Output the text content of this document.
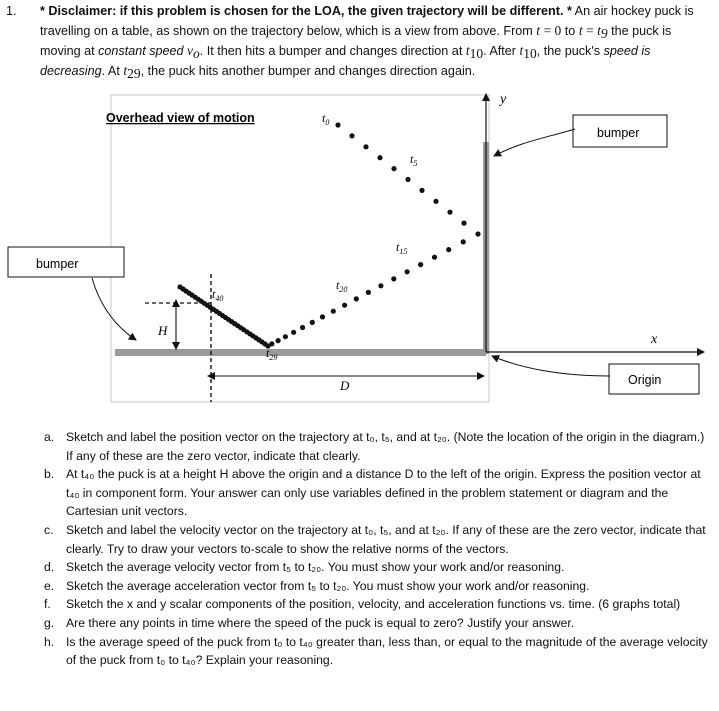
1. * Disclaimer: if this problem is chosen for the LOA, the given trajectory will be different. * An air hockey puck is travelling on a table, as shown on the trajectory below, which is a view from above. From t = 0 to $t = t_9$ the puck is moving at constant speed $v_o$. It then hits a bumper and changes direction at $t_{10}$. After $t_{10}$, the puck's speed is decreasing. At $t_{29}$, the puck hits another bumper and changes direction again.
Overhead view of motion
y
x
H
D
$t_0$
$t_5$
$t_{15}$
$t_{20}$
$t_{29}$
$t_{40}$
bumper
bumper
Origin
a. Sketch and label the position vector on the trajectory at t₀, t₅, and at t₂₀. (Note the location of the origin in the diagram.) If any of these are the zero vector, indicate that clearly.
b. At t₄₀ the puck is at a height H above the origin and a distance D to the left of the origin. Express the position vector at t₄₀ in component form. Your answer can only use variables defined in the problem statement or diagram and the Cartesian unit vectors.
c.	Sketch and label the velocity vector on the trajectory at t₀, t₅, and at t₂₀. If any of these are the zero vector, indicate that clearly. Try to draw your vectors to-scale to show the relative norms of the vectors.
d. Sketch the average velocity vector from t₅ to t₂₀. You must show your work and/or reasoning.
e. Sketch the average acceleration vector from t₅ to t₂₀. You must show your work and/or reasoning.
f.	Sketch the x and y scalar components of the position, velocity, and acceleration functions vs. time. (6 graphs total)
g. Are there any points in time where the speed of the puck is equal to zero? Justify your answer.
h. Is the average speed of the puck from t₀ to t₄₀ greater than, less than, or equal to the magnitude of the average velocity of the puck from t₀ to t₄₀? Explain your reasoning.
